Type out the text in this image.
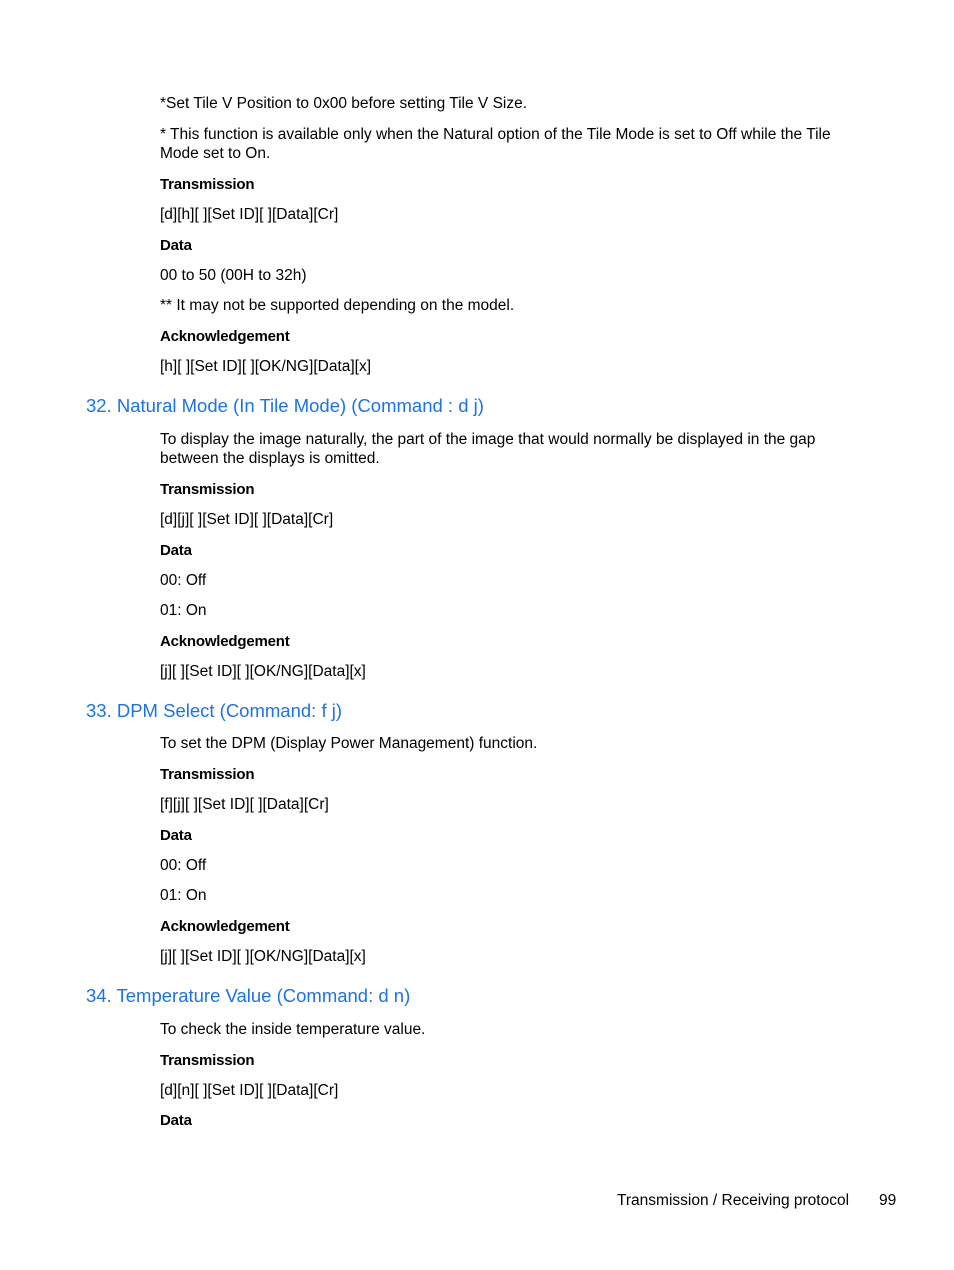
*Set Tile V Position to 0x00 before setting Tile V Size.
* This function is available only when the Natural option of the Tile Mode is set to Off while the Tile
Mode set to On.
Transmission
[d][h][ ][Set ID][ ][Data][Cr]
Data
00 to 50 (00H to 32h)
** It may not be supported depending on the model.
Acknowledgement
[h][ ][Set ID][ ][OK/NG][Data][x]
32. Natural Mode (In Tile Mode) (Command : d j)
To display the image naturally, the part of the image that would normally be displayed in the gap
between the displays is omitted.
Transmission
[d][j][ ][Set ID][ ][Data][Cr]
Data
00: Off
01: On
Acknowledgement
[j][ ][Set ID][ ][OK/NG][Data][x]
33. DPM Select (Command: f j)
To set the DPM (Display Power Management) function.
Transmission
[f][j][ ][Set ID][ ][Data][Cr]
Data
00: Off
01: On
Acknowledgement
[j][ ][Set ID][ ][OK/NG][Data][x]
34. Temperature Value (Command: d n)
To check the inside temperature value.
Transmission
[d][n][ ][Set ID][ ][Data][Cr]
Data
Transmission / Receiving protocol 99
